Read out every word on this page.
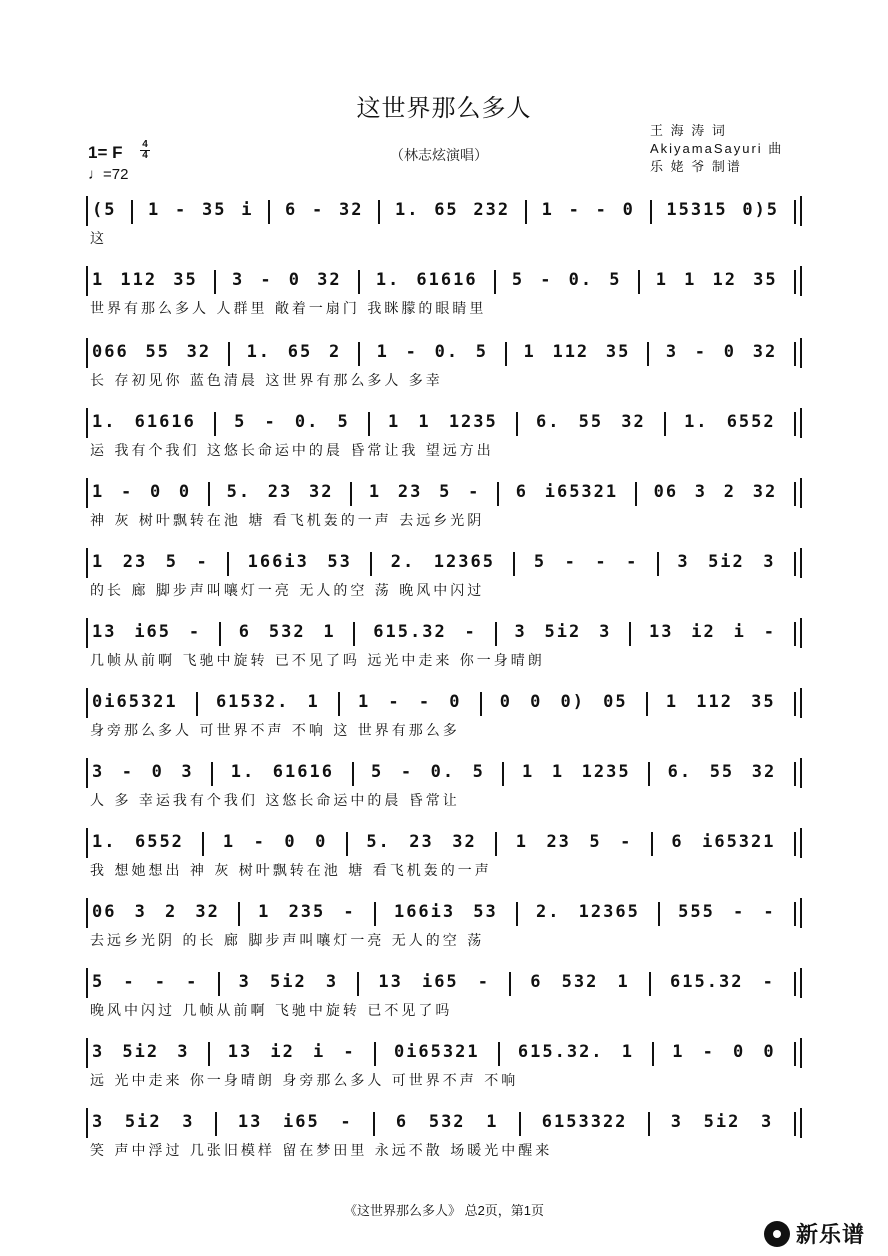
这世界那么多人
1= F 4
4
♩=72
（林志炫演唱）
王 海 涛 词
AkiyamaSayuri 曲
乐 姥 爷 制谱
(5 1 - 35 i 6 - 32 1. 65 232 1 - - 0 15315 0)5
这
1 112 35 3 - 0 32 1. 61616 5 - 0. 5 1 1 12 35
世界有那么多人 人群里 敞着一扇门 我眯朦的眼睛里
066 55 32 1. 65 2 1 - 0. 5 1 112 35 3 - 0 32
长 存初见你 蓝色清晨 这世界有那么多人 多幸
1. 61616 5 - 0. 5 1 1 1235 6. 55 32 1. 6552
运 我有个我们 这悠长命运中的晨 昏常让我 望远方出
1 - 0 0 5. 23 32 1 23 5 - 6 i65321 06 3 2 32
神 灰 树叶飘转在池 塘 看飞机轰的一声 去远乡光阴
1 23 5 - 166i3 53 2. 12365 5 - - - 3 5i2 3
的长 廊 脚步声叫嚷灯一亮 无人的空 荡 晚风中闪过
13 i65 - 6 532 1 615.32 - 3 5i2 3 13 i2 i -
几帧从前啊 飞驰中旋转 已不见了吗 远光中走来 你一身晴朗
0i65321 61532. 1 1 - - 0 0 0 0) 05 1 112 35
身旁那么多人 可世界不声 不响 这 世界有那么多
3 - 0 3 1. 61616 5 - 0. 5 1 1 1235 6. 55 32
人 多 幸运我有个我们 这悠长命运中的晨 昏常让
1. 6552 1 - 0 0 5. 23 32 1 23 5 - 6 i65321
我 想她想出 神 灰 树叶飘转在池 塘 看飞机轰的一声
06 3 2 32 1 235 - 166i3 53 2. 12365 555 - -
去远乡光阴 的长 廊 脚步声叫嚷灯一亮 无人的空 荡
5 - - - 3 5i2 3 13 i65 - 6 532 1 615.32 -
晚风中闪过 几帧从前啊 飞驰中旋转 已不见了吗
3 5i2 3 13 i2 i - 0i65321 615.32. 1 1 - 0 0
远 光中走来 你一身晴朗 身旁那么多人 可世界不声 不响
3 5i2 3	13 i65 -	6 532 1	6153322	3 5i2 3
笑 声中浮过 几张旧模样 留在梦田里 永远不散 场暖光中醒来
《这世界那么多人》 总2页，第1页
新乐谱
